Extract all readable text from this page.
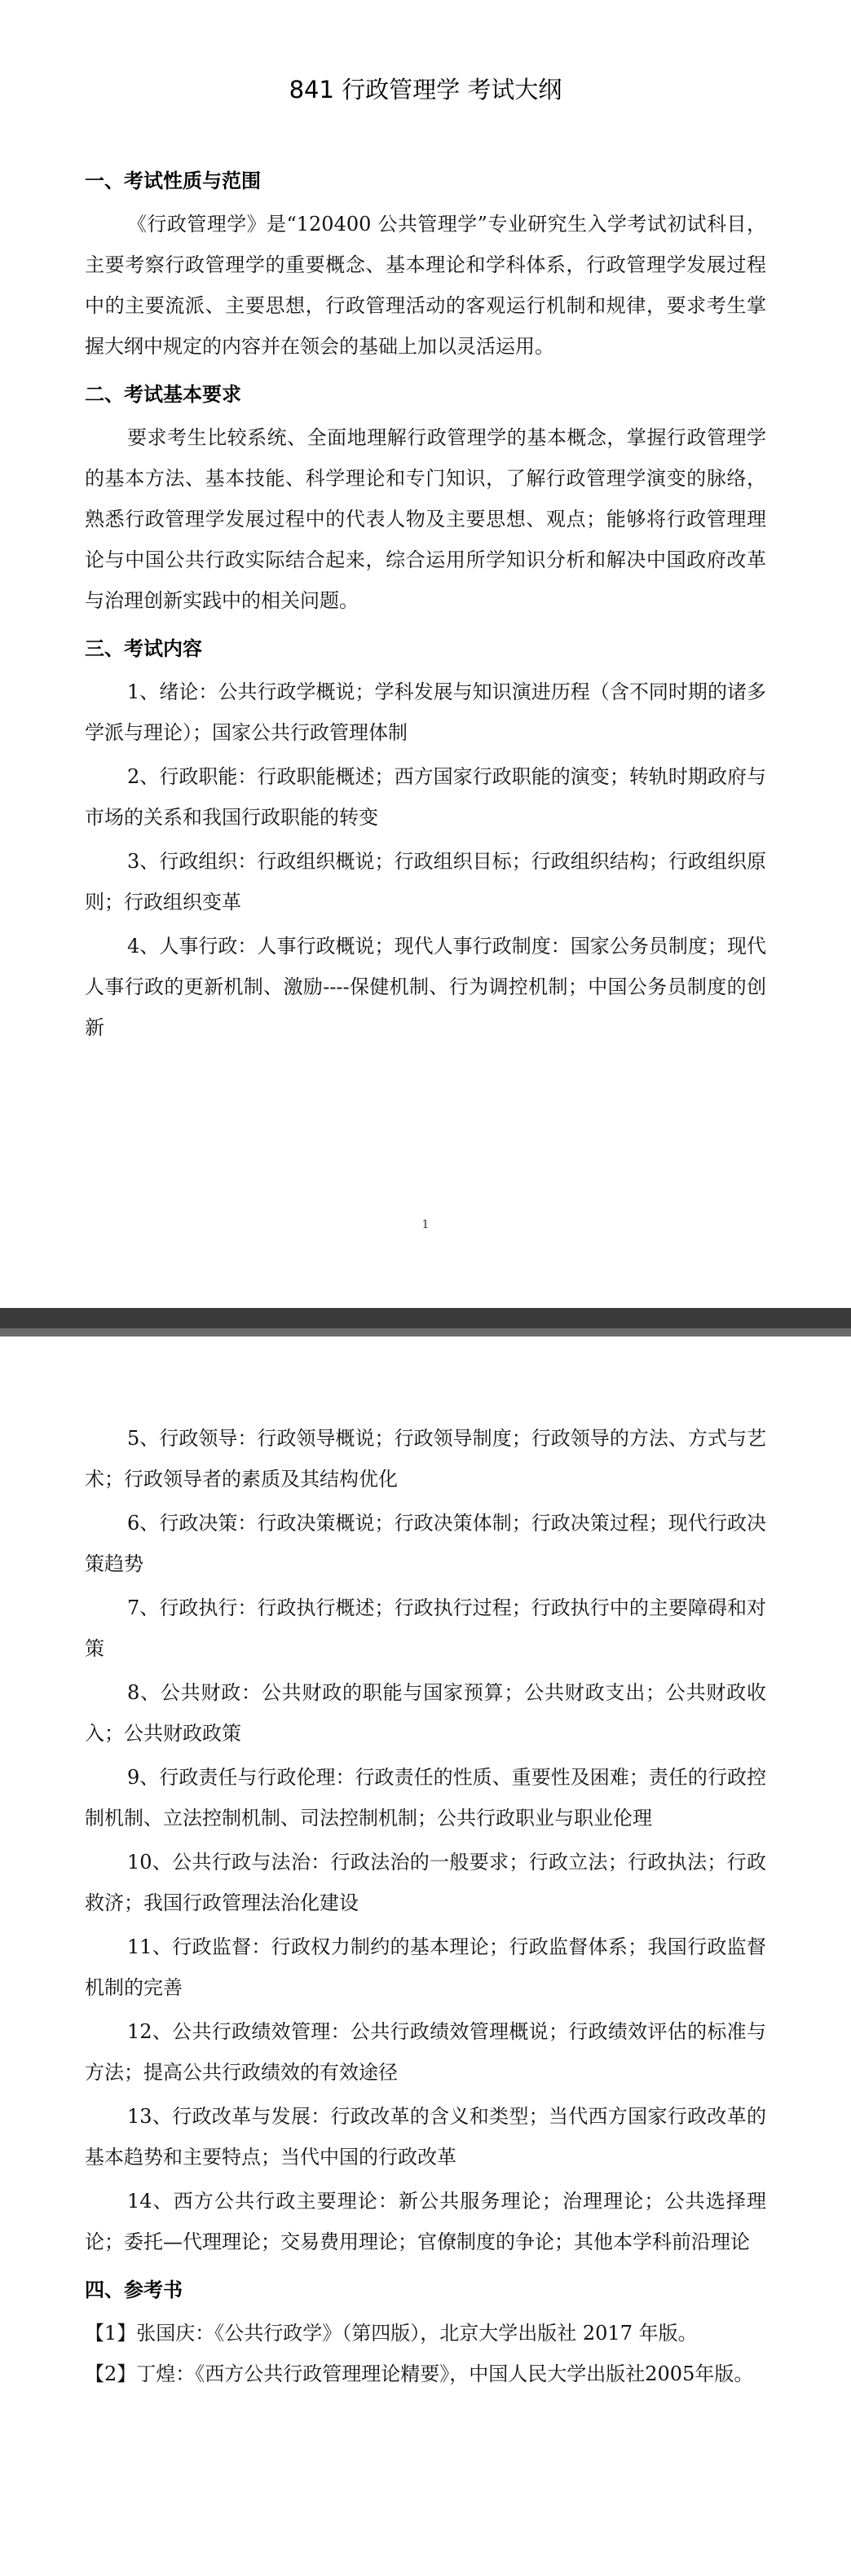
841 行政管理学 考试大纲
一、考试性质与范围

《行政管理学》是“120400 公共管理学”专业研究生入学考试初试科目，主要考察行政管理学的重要概念、基本理论和学科体系，行政管理学发展过程中的主要流派、主要思想，行政管理活动的客观运行机制和规律，要求考生掌握大纲中规定的内容并在领会的基础上加以灵活运用。

二、考试基本要求

要求考生比较系统、全面地理解行政管理学的基本概念，掌握行政管理学的基本方法、基本技能、科学理论和专门知识，了解行政管理学演变的脉络，熟悉行政管理学发展过程中的代表人物及主要思想、观点；能够将行政管理理论与中国公共行政实际结合起来，综合运用所学知识分析和解决中国政府改革与治理创新实践中的相关问题。

三、考试内容

1、绪论：公共行政学概说；学科发展与知识演进历程（含不同时期的诸多学派与理论）；国家公共行政管理体制

2、行政职能：行政职能概述；西方国家行政职能的演变；转轨时期政府与市场的关系和我国行政职能的转变

3、行政组织：行政组织概说；行政组织目标；行政组织结构；行政组织原则；行政组织变革

4、人事行政：人事行政概说；现代人事行政制度：国家公务员制度；现代人事行政的更新机制、激励----保健机制、行为调控机制；中国公务员制度的创新

1

5、行政领导：行政领导概说；行政领导制度；行政领导的方法、方式与艺术；行政领导者的素质及其结构优化

6、行政决策：行政决策概说；行政决策体制；行政决策过程；现代行政决策趋势

7、行政执行：行政执行概述；行政执行过程；行政执行中的主要障碍和对策

8、公共财政：公共财政的职能与国家预算；公共财政支出；公共财政收入；公共财政政策

9、行政责任与行政伦理：行政责任的性质、重要性及困难；责任的行政控制机制、立法控制机制、司法控制机制；公共行政职业与职业伦理

10、公共行政与法治：行政法治的一般要求；行政立法；行政执法；行政救济；我国行政管理法治化建设

11、行政监督：行政权力制约的基本理论；行政监督体系；我国行政监督机制的完善

12、公共行政绩效管理：公共行政绩效管理概说；行政绩效评估的标准与方法；提高公共行政绩效的有效途径

13、行政改革与发展：行政改革的含义和类型；当代西方国家行政改革的基本趋势和主要特点；当代中国的行政改革

14、西方公共行政主要理论：新公共服务理论；治理理论；公共选择理论；委托—代理理论；交易费用理论；官僚制度的争论；其他本学科前沿理论

四、参考书

【1】张国庆：《公共行政学》（第四版），北京大学出版社 2017 年版。

【2】丁煌：《西方公共行政管理理论精要》，中国人民大学出版社2005年版。
